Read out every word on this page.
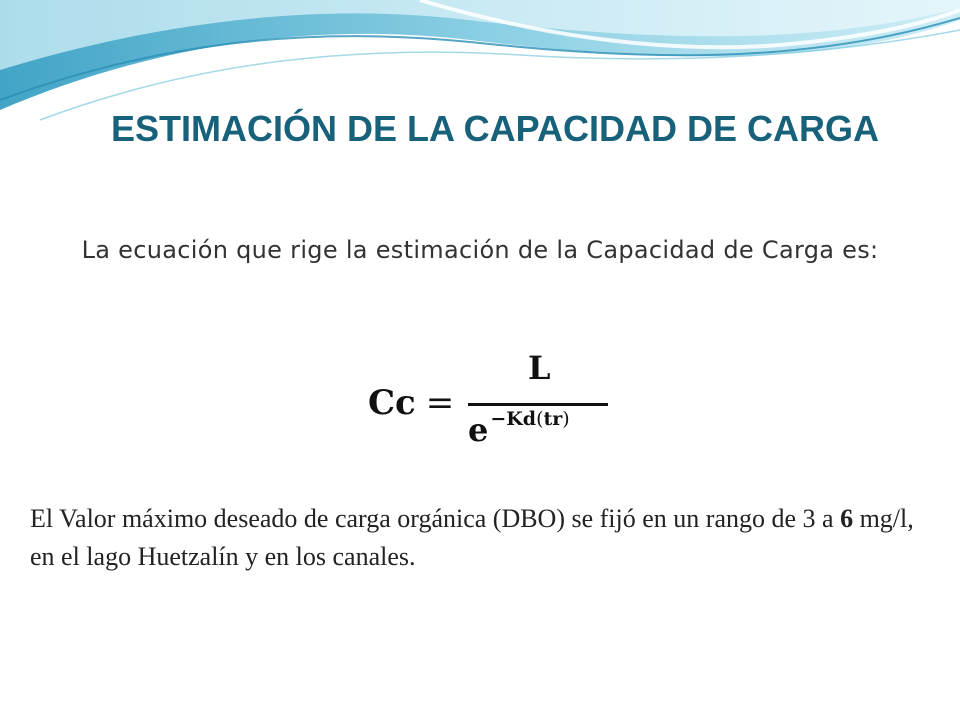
ESTIMACIÓN DE LA CAPACIDAD DE CARGA

La ecuación que rige la estimación de la Capacidad de Carga es:

Cc =
L
e −Kd(tr)

El Valor máximo deseado de carga orgánica (DBO) se fijó en un rango de 3 a 6 mg/l, en el lago Huetzalín y en los canales.
